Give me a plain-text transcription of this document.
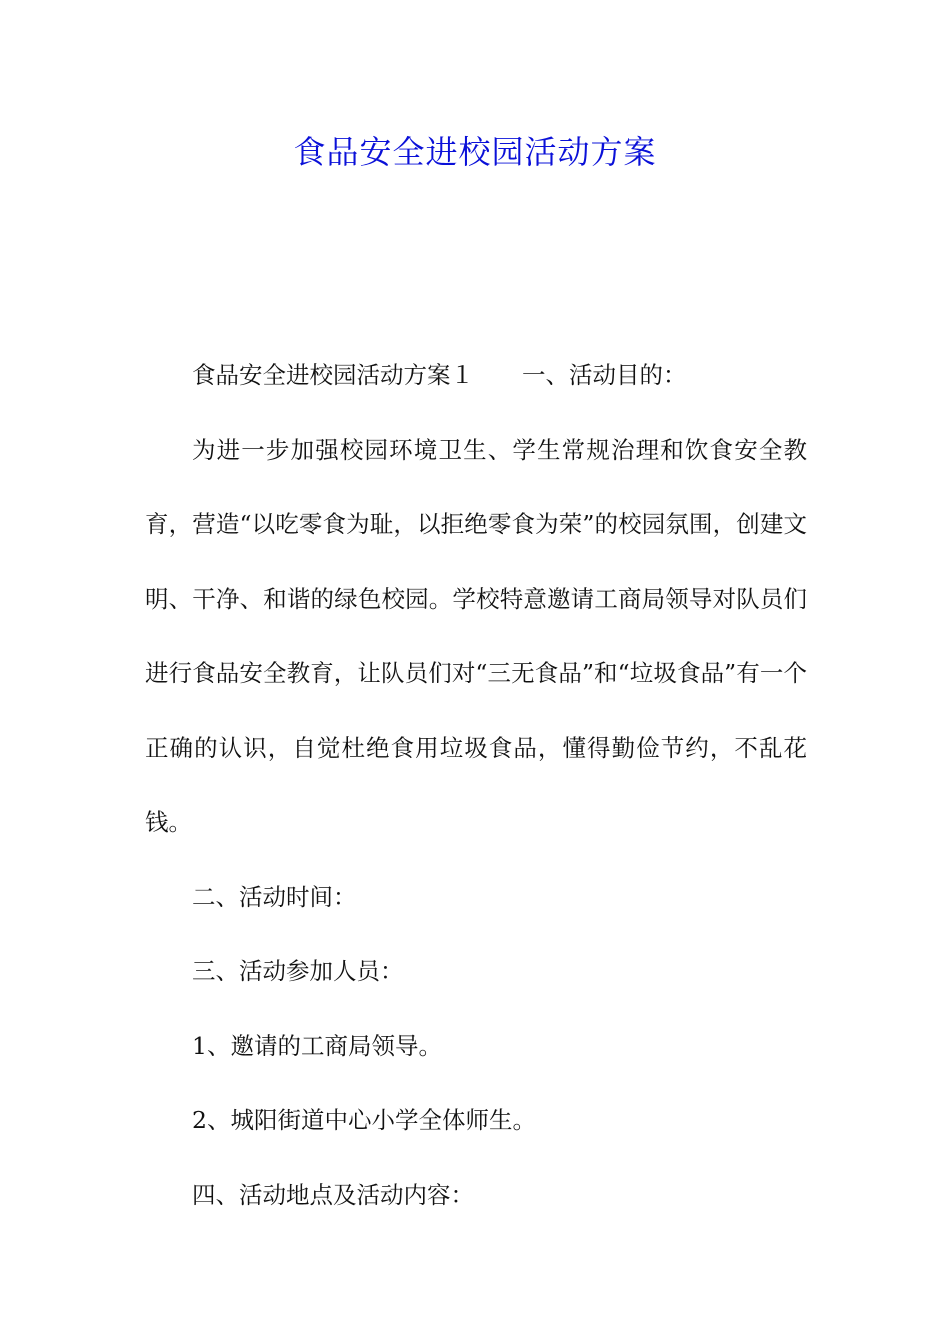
食品安全进校园活动方案

食品安全进校园活动方案１ 一、活动目的：

为进一步加强校园环境卫生、学生常规治理和饮食安全教育，营造“以吃零食为耻，以拒绝零食为荣”的校园氛围，创建文明、干净、和谐的绿色校园。学校特意邀请工商局领导对队员们进行食品安全教育，让队员们对“三无食品”和“垃圾食品”有一个正确的认识，自觉杜绝食用垃圾食品，懂得勤俭节约，不乱花钱。

二、活动时间：

三、活动参加人员：

1、邀请的工商局领导。

2、城阳街道中心小学全体师生。

四、活动地点及活动内容：
